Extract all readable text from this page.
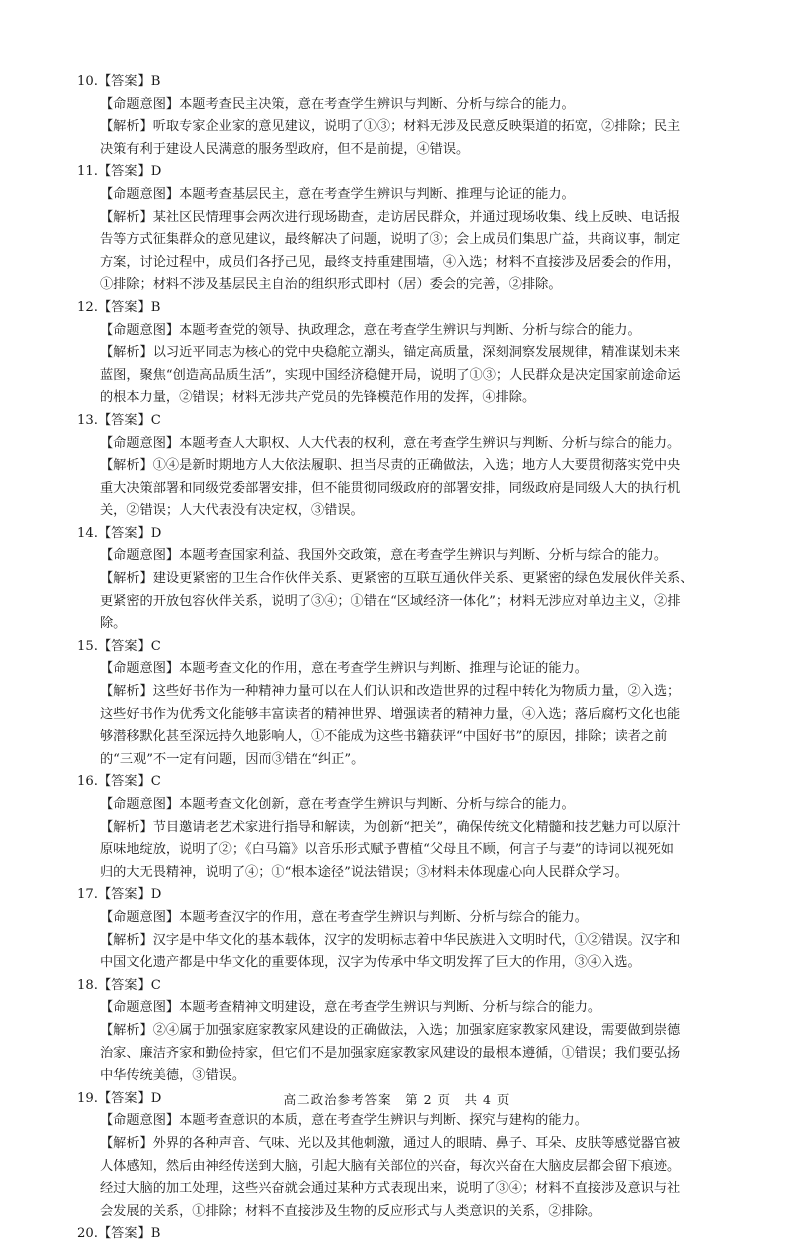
10.【答案】B
【命题意图】本题考查民主决策，意在考查学生辨识与判断、分析与综合的能力。
【解析】听取专家企业家的意见建议，说明了①③；材料无涉及民意反映渠道的拓宽，②排除；民主
决策有利于建设人民满意的服务型政府，但不是前提，④错误。
11.【答案】D
【命题意图】本题考查基层民主，意在考查学生辨识与判断、推理与论证的能力。
【解析】某社区民情理事会两次进行现场勘查，走访居民群众，并通过现场收集、线上反映、电话报
告等方式征集群众的意见建议，最终解决了问题，说明了③；会上成员们集思广益，共商议事，制定
方案，讨论过程中，成员们各抒己见，最终支持重建围墙，④入选；材料不直接涉及居委会的作用，
①排除；材料不涉及基层民主自治的组织形式即村（居）委会的完善，②排除。
12.【答案】B
【命题意图】本题考查党的领导、执政理念，意在考查学生辨识与判断、分析与综合的能力。
【解析】以习近平同志为核心的党中央稳舵立潮头，锚定高质量，深刻洞察发展规律，精准谋划未来
蓝图，聚焦“创造高品质生活”，实现中国经济稳健开局，说明了①③；人民群众是决定国家前途命运
的根本力量，②错误；材料无涉共产党员的先锋模范作用的发挥，④排除。
13.【答案】C
【命题意图】本题考查人大职权、人大代表的权利，意在考查学生辨识与判断、分析与综合的能力。
【解析】①④是新时期地方人大依法履职、担当尽责的正确做法，入选；地方人大要贯彻落实党中央
重大决策部署和同级党委部署安排，但不能贯彻同级政府的部署安排，同级政府是同级人大的执行机
关，②错误；人大代表没有决定权，③错误。
14.【答案】D
【命题意图】本题考查国家利益、我国外交政策，意在考查学生辨识与判断、分析与综合的能力。
【解析】建设更紧密的卫生合作伙伴关系、更紧密的互联互通伙伴关系、更紧密的绿色发展伙伴关系、
更紧密的开放包容伙伴关系，说明了③④；①错在“区域经济一体化”；材料无涉应对单边主义，②排
除。
15.【答案】C
【命题意图】本题考查文化的作用，意在考查学生辨识与判断、推理与论证的能力。
【解析】这些好书作为一种精神力量可以在人们认识和改造世界的过程中转化为物质力量，②入选；
这些好书作为优秀文化能够丰富读者的精神世界、增强读者的精神力量，④入选；落后腐朽文化也能
够潜移默化甚至深远持久地影响人，①不能成为这些书籍获评“中国好书”的原因，排除；读者之前
的“三观”不一定有问题，因而③错在“纠正”。
16.【答案】C
【命题意图】本题考查文化创新，意在考查学生辨识与判断、分析与综合的能力。
【解析】节目邀请老艺术家进行指导和解读，为创新“把关”，确保传统文化精髓和技艺魅力可以原汁
原味地绽放，说明了②；《白马篇》以音乐形式赋予曹植“父母且不顾，何言子与妻”的诗词以视死如
归的大无畏精神，说明了④；①“根本途径”说法错误；③材料未体现虚心向人民群众学习。
17.【答案】D
【命题意图】本题考查汉字的作用，意在考查学生辨识与判断、分析与综合的能力。
【解析】汉字是中华文化的基本载体，汉字的发明标志着中华民族进入文明时代，①②错误。汉字和
中国文化遗产都是中华文化的重要体现，汉字为传承中华文明发挥了巨大的作用，③④入选。
18.【答案】C
【命题意图】本题考查精神文明建设，意在考查学生辨识与判断、分析与综合的能力。
【解析】②④属于加强家庭家教家风建设的正确做法，入选；加强家庭家教家风建设，需要做到崇德
治家、廉洁齐家和勤俭持家，但它们不是加强家庭家教家风建设的最根本遵循，①错误；我们要弘扬
中华传统美德，③错误。
19.【答案】D
【命题意图】本题考查意识的本质，意在考查学生辨识与判断、探究与建构的能力。
【解析】外界的各种声音、气味、光以及其他刺激，通过人的眼睛、鼻子、耳朵、皮肤等感觉器官被
人体感知，然后由神经传送到大脑，引起大脑有关部位的兴奋，每次兴奋在大脑皮层都会留下痕迹。
经过大脑的加工处理，这些兴奋就会通过某种方式表现出来，说明了③④；材料不直接涉及意识与社
会发展的关系，①排除；材料不直接涉及生物的反应形式与人类意识的关系，②排除。
20.【答案】B
高二政治参考答案　第 2 页　共 4 页
